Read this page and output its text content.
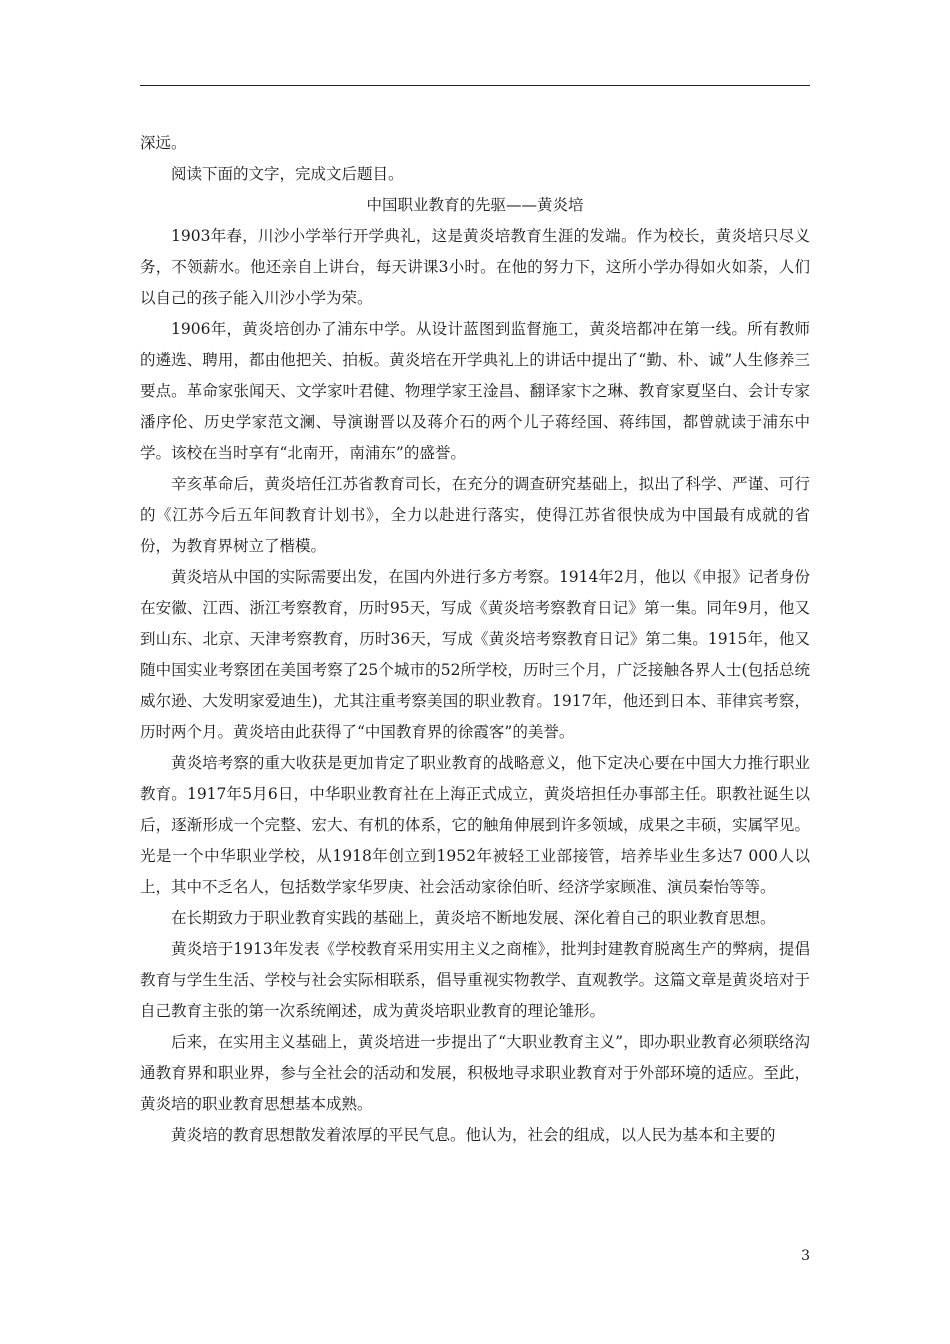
深远。

阅读下面的文字，完成文后题目。

中国职业教育的先驱——黄炎培

1903年春，川沙小学举行开学典礼，这是黄炎培教育生涯的发端。作为校长，黄炎培只尽义务，不领薪水。他还亲自上讲台，每天讲课3小时。在他的努力下，这所小学办得如火如荼，人们以自己的孩子能入川沙小学为荣。

1906年，黄炎培创办了浦东中学。从设计蓝图到监督施工，黄炎培都冲在第一线。所有教师的遴选、聘用，都由他把关、拍板。黄炎培在开学典礼上的讲话中提出了“勤、朴、诚”人生修养三要点。革命家张闻天、文学家叶君健、物理学家王淦昌、翻译家卞之琳、教育家夏坚白、会计专家潘序伦、历史学家范文澜、导演谢晋以及蒋介石的两个儿子蒋经国、蒋纬国，都曾就读于浦东中学。该校在当时享有“北南开，南浦东”的盛誉。

辛亥革命后，黄炎培任江苏省教育司长，在充分的调查研究基础上，拟出了科学、严谨、可行的《江苏今后五年间教育计划书》，全力以赴进行落实，使得江苏省很快成为中国最有成就的省份，为教育界树立了楷模。

黄炎培从中国的实际需要出发，在国内外进行多方考察。1914年2月，他以《申报》记者身份在安徽、江西、浙江考察教育，历时95天，写成《黄炎培考察教育日记》第一集。同年9月，他又到山东、北京、天津考察教育，历时36天，写成《黄炎培考察教育日记》第二集。1915年，他又随中国实业考察团在美国考察了25个城市的52所学校，历时三个月，广泛接触各界人士(包括总统威尔逊、大发明家爱迪生)，尤其注重考察美国的职业教育。1917年，他还到日本、菲律宾考察，历时两个月。黄炎培由此获得了“中国教育界的徐霞客”的美誉。

黄炎培考察的重大收获是更加肯定了职业教育的战略意义，他下定决心要在中国大力推行职业教育。1917年5月6日，中华职业教育社在上海正式成立，黄炎培担任办事部主任。职教社诞生以后，逐渐形成一个完整、宏大、有机的体系，它的触角伸展到许多领域，成果之丰硕，实属罕见。光是一个中华职业学校，从1918年创立到1952年被轻工业部接管，培养毕业生多达7 000人以上，其中不乏名人，包括数学家华罗庚、社会活动家徐伯昕、经济学家顾准、演员秦怡等等。

在长期致力于职业教育实践的基础上，黄炎培不断地发展、深化着自己的职业教育思想。

黄炎培于1913年发表《学校教育采用实用主义之商榷》，批判封建教育脱离生产的弊病，提倡教育与学生生活、学校与社会实际相联系，倡导重视实物教学、直观教学。这篇文章是黄炎培对于自己教育主张的第一次系统阐述，成为黄炎培职业教育的理论雏形。

后来，在实用主义基础上，黄炎培进一步提出了“大职业教育主义”，即办职业教育必须联络沟通教育界和职业界，参与全社会的活动和发展，积极地寻求职业教育对于外部环境的适应。至此，黄炎培的职业教育思想基本成熟。

黄炎培的教育思想散发着浓厚的平民气息。他认为，社会的组成，以人民为基本和主要的

3
